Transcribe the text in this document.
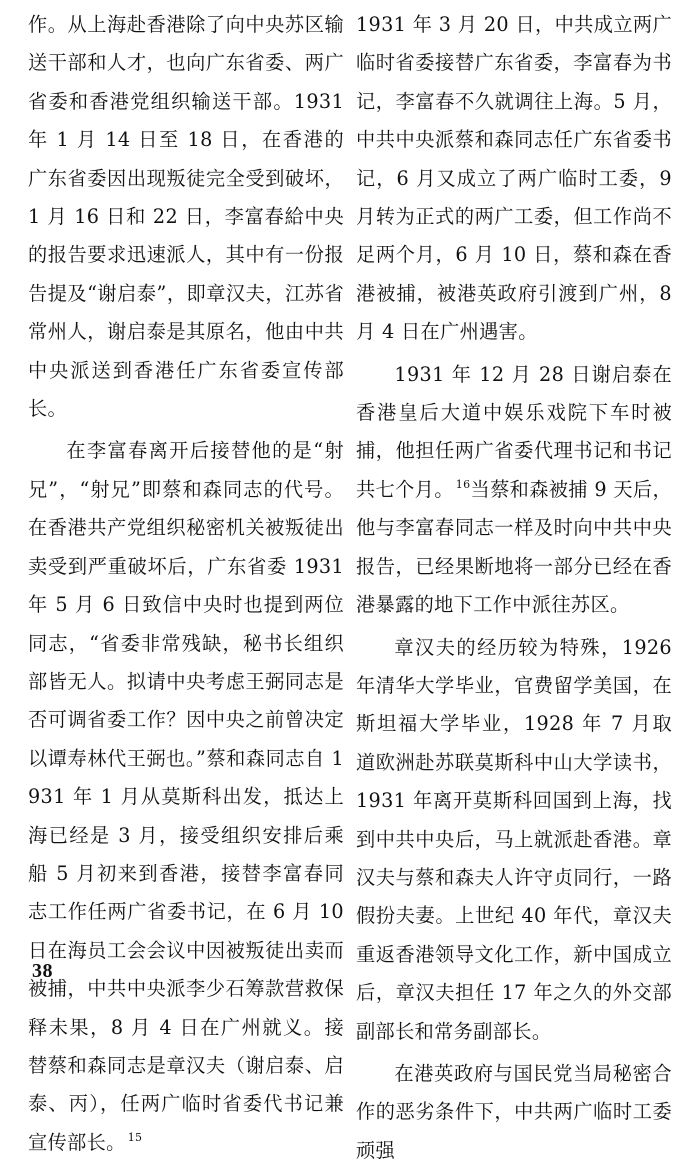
作。从上海赴香港除了向中央苏区输送干部和人才，也向广东省委、两广省委和香港党组织输送干部。1931 年 1 月 14 日至 18 日，在香港的广东省委因出现叛徒完全受到破坏，1 月 16 日和 22 日，李富春給中央的报告要求迅速派人，其中有一份报告提及“谢启泰”，即章汉夫，江苏省常州人，谢启泰是其原名，他由中共中央派送到香港任广东省委宣传部长。

在李富春离开后接替他的是“射兄”，“射兄”即蔡和森同志的代号。在香港共产党组织秘密机关被叛徒出卖受到严重破坏后，广东省委 1931 年 5 月 6 日致信中央时也提到两位同志，“省委非常残缺，秘书长组织部皆无人。拟请中央考虑王弼同志是否可调省委工作？因中央之前曾决定以谭寿林代王弼也。”蔡和森同志自 1931 年 1 月从莫斯科出发，抵达上海已经是 3 月，接受组织安排后乘船 5 月初来到香港，接替李富春同志工作任两广省委书记，在 6 月 10 日在海员工会会议中因被叛徒出卖而被捕，中共中央派李少石筹款营救保释未果，8 月 4 日在广州就义。接替蔡和森同志是章汉夫（谢启泰、启泰、丙），任两广临时省委代书记兼宣传部长。 $^{15}$

1931 年 3 月 20 日，中共成立两广临时省委接替广东省委，李富春为书记，李富春不久就调往上海。5 月，中共中央派蔡和森同志任广东省委书记，6 月又成立了两广临时工委，9 月转为正式的两广工委，但工作尚不足两个月，6 月 10 日，蔡和森在香港被捕，被港英政府引渡到广州，8 月 4 日在广州遇害。

1931 年 12 月 28 日谢启泰在香港皇后大道中娱乐戏院下车时被捕，他担任两广省委代理书记和书记共七个月。 $^{16}$当蔡和森被捕 9 天后，他与李富春同志一样及时向中共中央报告，已经果断地将一部分已经在香港暴露的地下工作中派往苏区。

章汉夫的经历较为特殊，1926 年清华大学毕业，官费留学美国，在斯坦福大学毕业，1928 年 7 月取道欧洲赴苏联莫斯科中山大学读书，1931 年离开莫斯科回国到上海，找到中共中央后，马上就派赴香港。章汉夫与蔡和森夫人许守贞同行，一路假扮夫妻。上世纪 40 年代，章汉夫重返香港领导文化工作，新中国成立后，章汉夫担任 17 年之久的外交部副部长和常务副部长。

在港英政府与国民党当局秘密合作的恶劣条件下，中共两广临时工委顽强

38
